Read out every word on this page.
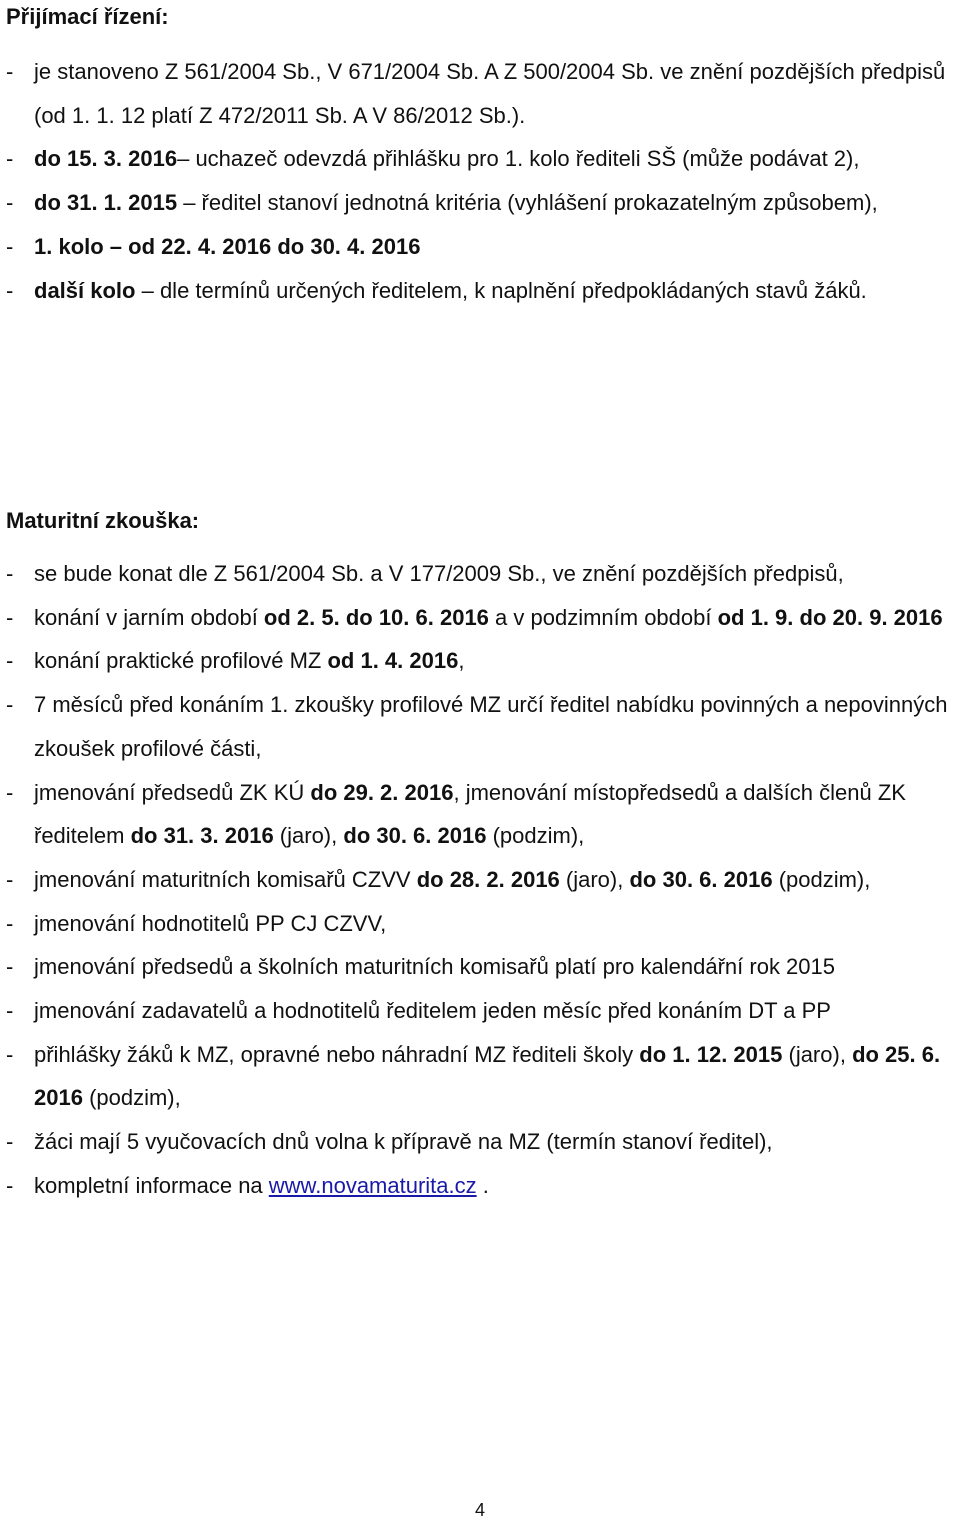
Přijímací řízení:
- je stanoveno Z 561/2004 Sb., V 671/2004 Sb. A Z 500/2004 Sb. ve znění pozdějších předpisů (od 1. 1. 12 platí Z 472/2011 Sb. A V 86/2012 Sb.).
- do 15. 3. 2016– uchazeč odevzdá přihlášku pro 1. kolo řediteli SŠ (může podávat 2),
- do 31. 1. 2015 – ředitel stanoví jednotná kritéria (vyhlášení prokazatelným způsobem),
- 1. kolo – od 22. 4. 2016 do 30. 4. 2016
- další kolo – dle termínů určených ředitelem, k naplnění předpokládaných stavů žáků.
Maturitní zkouška:
- se bude konat dle Z 561/2004 Sb. a V 177/2009 Sb., ve znění pozdějších předpisů,
- konání v jarním období od 2. 5. do 10. 6. 2016 a v podzimním období od 1. 9. do 20. 9. 2016
- konání praktické profilové MZ od 1. 4. 2016,
- 7 měsíců před konáním 1. zkoušky profilové MZ určí ředitel nabídku povinných a nepovinných zkoušek profilové části,
- jmenování předsedů ZK KÚ do 29. 2. 2016, jmenování místopředsedů a dalších členů ZK ředitelem do 31. 3. 2016 (jaro), do 30. 6. 2016 (podzim),
- jmenování maturitních komisařů CZVV do 28. 2. 2016 (jaro), do 30. 6. 2016 (podzim),
- jmenování hodnotitelů PP CJ CZVV,
- jmenování předsedů a školních maturitních komisařů platí pro kalendářní rok 2015
- jmenování zadavatelů a hodnotitelů ředitelem jeden měsíc před konáním DT a PP
- přihlášky žáků k MZ, opravné nebo náhradní MZ řediteli školy do 1. 12. 2015 (jaro), do 25. 6. 2016 (podzim),
- žáci mají 5 vyučovacích dnů volna k přípravě na MZ (termín stanoví ředitel),
- kompletní informace na www.novamaturita.cz .
4
